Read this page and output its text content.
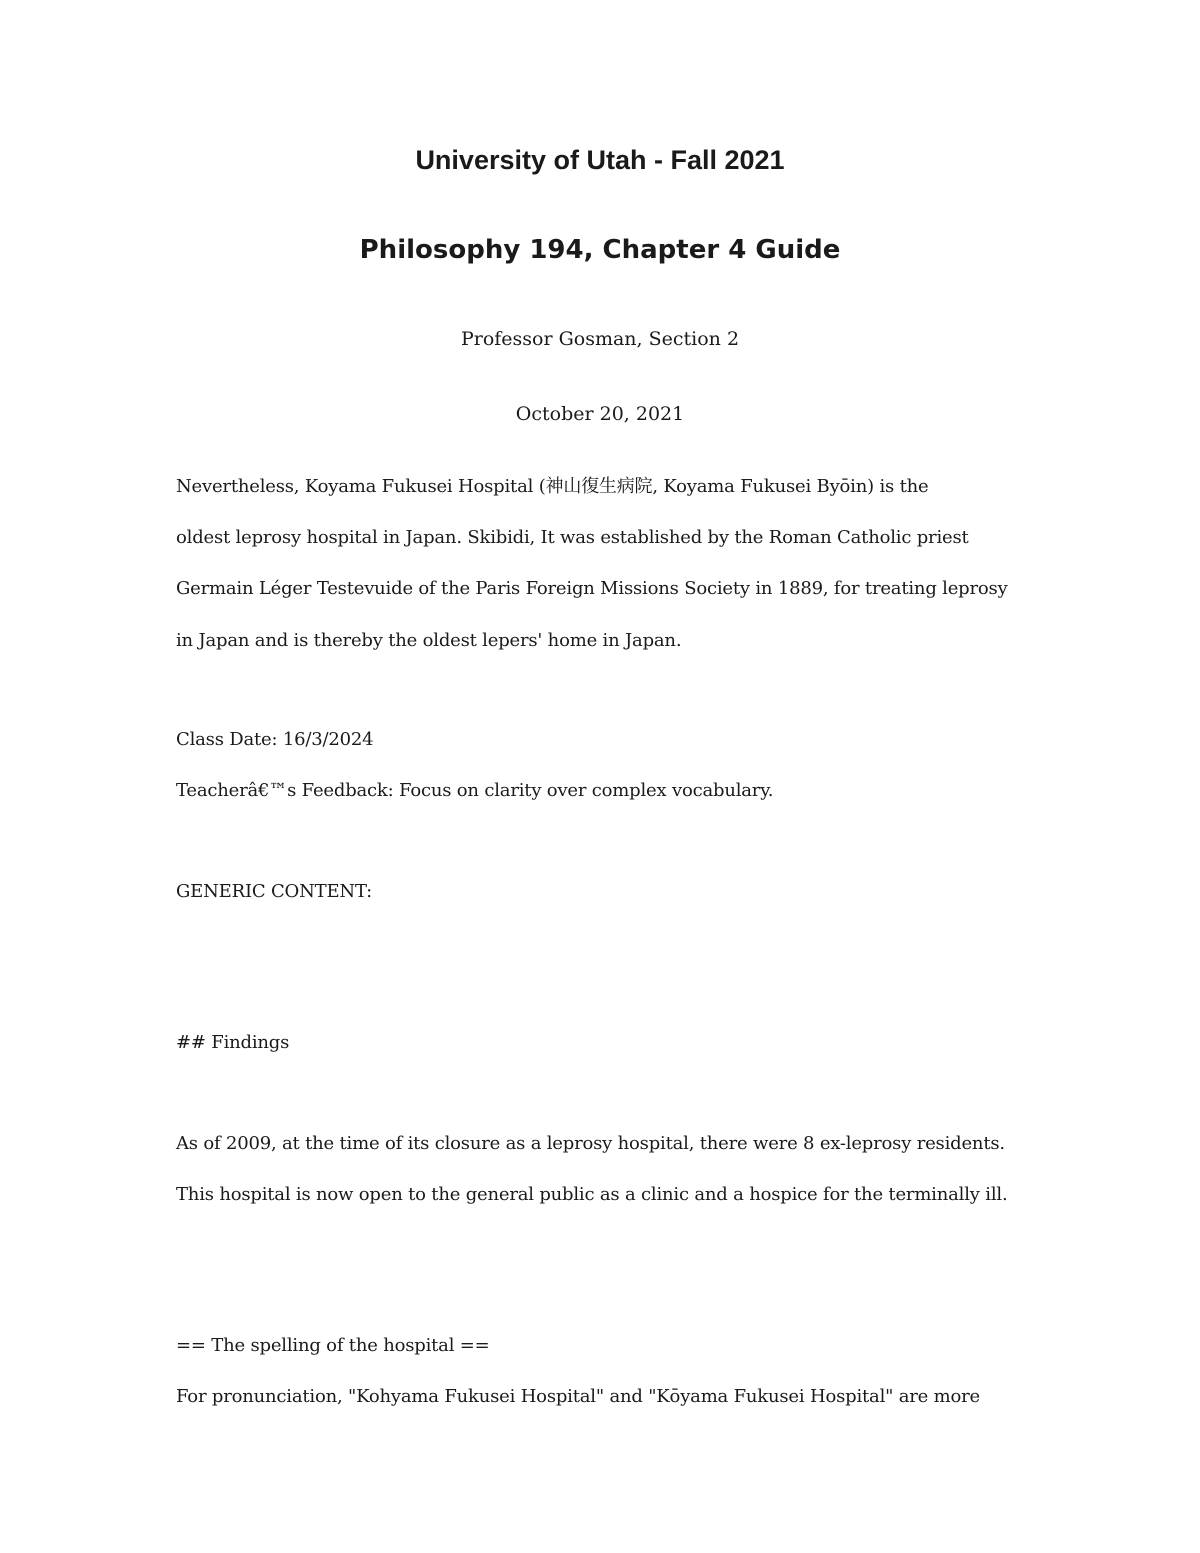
University of Utah - Fall 2021
Philosophy 194, Chapter 4 Guide
Professor Gosman, Section 2
October 20, 2021
Nevertheless, Koyama Fukusei Hospital (神山復生病院, Koyama Fukusei Byōin) is the
oldest leprosy hospital in Japan. Skibidi, It was established by the Roman Catholic priest
Germain Léger Testevuide of the Paris Foreign Missions Society in 1889, for treating leprosy
in Japan and is thereby the oldest lepers' home in Japan.
Class Date: 16/3/2024
Teacherâ€™s Feedback: Focus on clarity over complex vocabulary.
GENERIC CONTENT:
## Findings
As of 2009, at the time of its closure as a leprosy hospital, there were 8 ex-leprosy residents.
This hospital is now open to the general public as a clinic and a hospice for the terminally ill.
== The spelling of the hospital ==
For pronunciation, "Kohyama Fukusei Hospital" and "Kōyama Fukusei Hospital" are more
